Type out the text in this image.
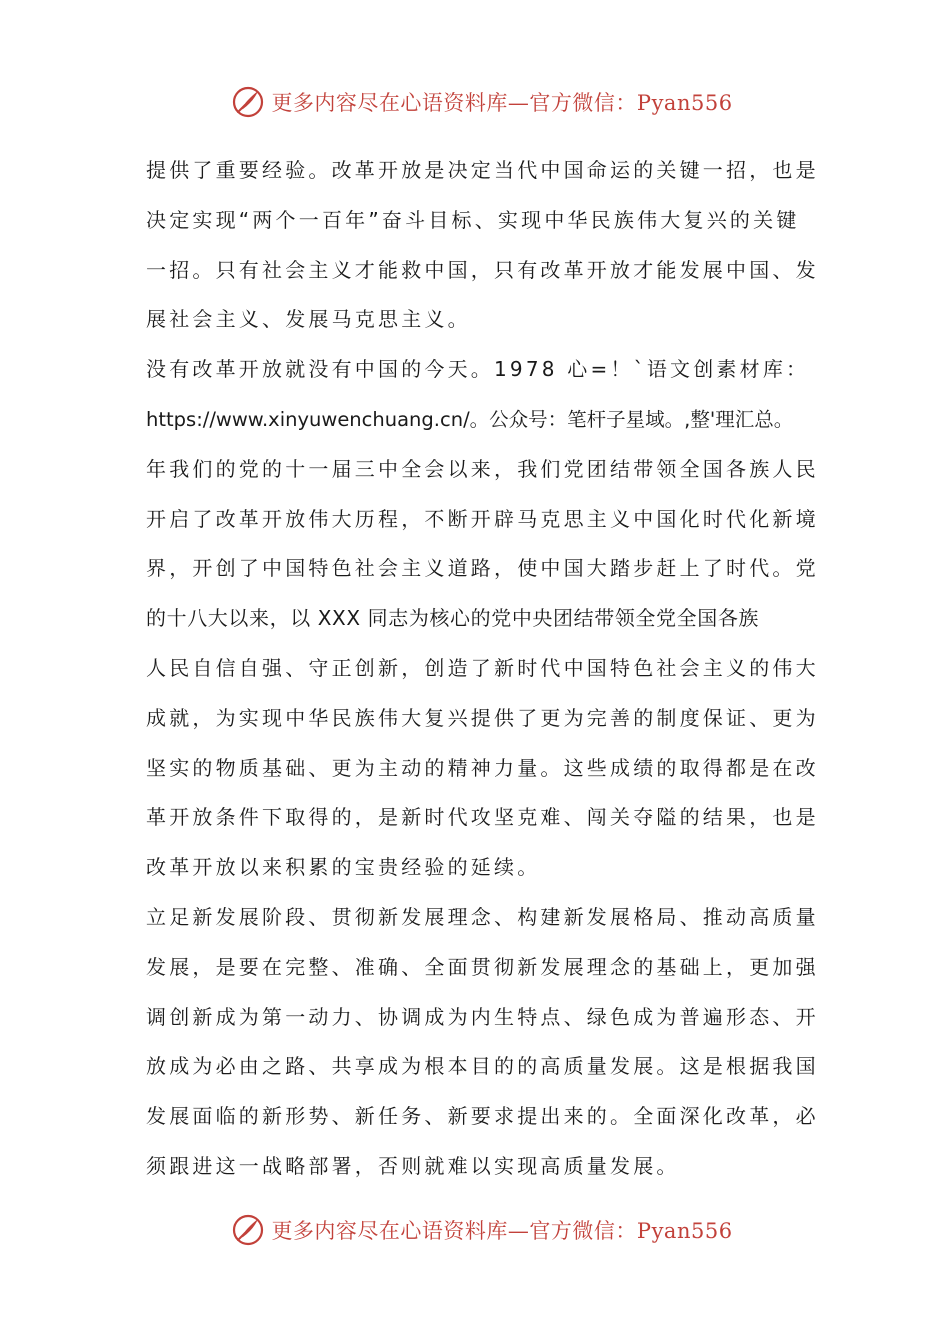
更多内容尽在心语资料库—官方微信：Pyan556
提供了重要经验。改革开放是决定当代中国命运的关键一招，也是
决定实现“两个一百年”奋斗目标、实现中华民族伟大复兴的关键
一招。只有社会主义才能救中国，只有改革开放才能发展中国、发
展社会主义、发展马克思主义。
没有改革开放就没有中国的今天。1978 心=！`语文创素材库：
https://www.xinyuwenchuang.cn/。公众号：笔杆子星域。,整'理汇总。
年我们的党的十一届三中全会以来，我们党团结带领全国各族人民
开启了改革开放伟大历程，不断开辟马克思主义中国化时代化新境
界，开创了中国特色社会主义道路，使中国大踏步赶上了时代。党
的十八大以来，以 XXX 同志为核心的党中央团结带领全党全国各族
人民自信自强、守正创新，创造了新时代中国特色社会主义的伟大
成就，为实现中华民族伟大复兴提供了更为完善的制度保证、更为
坚实的物质基础、更为主动的精神力量。这些成绩的取得都是在改
革开放条件下取得的，是新时代攻坚克难、闯关夺隘的结果，也是
改革开放以来积累的宝贵经验的延续。
立足新发展阶段、贯彻新发展理念、构建新发展格局、推动高质量
发展，是要在完整、准确、全面贯彻新发展理念的基础上，更加强
调创新成为第一动力、协调成为内生特点、绿色成为普遍形态、开
放成为必由之路、共享成为根本目的的高质量发展。这是根据我国
发展面临的新形势、新任务、新要求提出来的。全面深化改革，必
须跟进这一战略部署，否则就难以实现高质量发展。
更多内容尽在心语资料库—官方微信：Pyan556
